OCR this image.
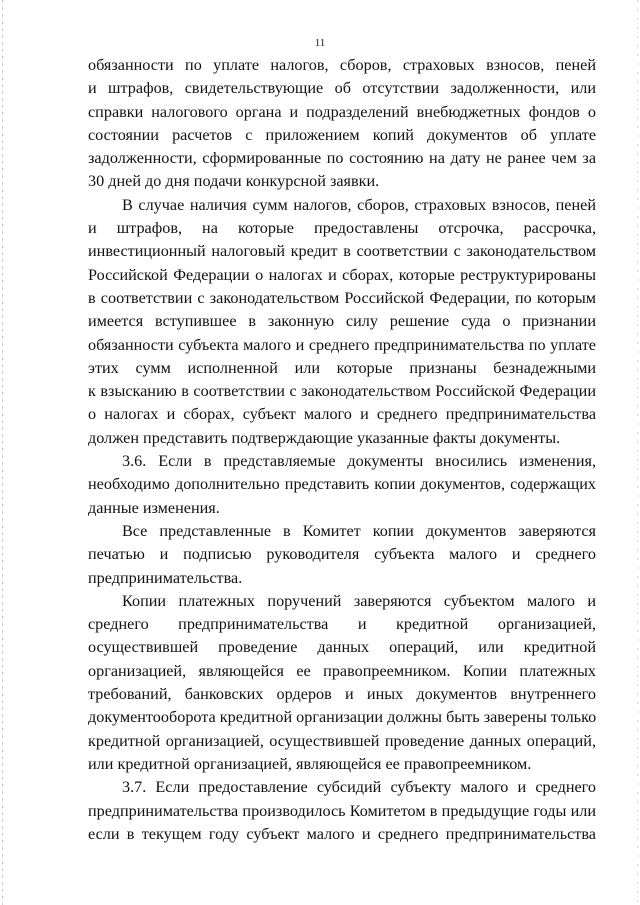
11
обязанности по уплате налогов, сборов, страховых взносов, пеней
и штрафов, свидетельствующие об отсутствии задолженности, или
справки налогового органа и подразделений внебюджетных фондов о
состоянии расчетов с приложением копий документов об уплате
задолженности, сформированные по состоянию на дату не ранее чем за
30 дней до дня подачи конкурсной заявки.
В случае наличия сумм налогов, сборов, страховых взносов, пеней
и штрафов, на которые предоставлены отсрочка, рассрочка,
инвестиционный налоговый кредит в соответствии с законодательством
Российской Федерации о налогах и сборах, которые реструктурированы
в соответствии с законодательством Российской Федерации, по которым
имеется вступившее в законную силу решение суда о признании
обязанности субъекта малого и среднего предпринимательства по уплате
этих сумм исполненной или которые признаны безнадежными
к взысканию в соответствии с законодательством Российской Федерации
о налогах и сборах, субъект малого и среднего предпринимательства
должен представить подтверждающие указанные факты документы.
3.6. Если в представляемые документы вносились изменения,
необходимо дополнительно представить копии документов, содержащих
данные изменения.
Все представленные в Комитет копии документов заверяются
печатью и подписью руководителя субъекта малого и среднего
предпринимательства.
Копии платежных поручений заверяются субъектом малого и
среднего предпринимательства и кредитной организацией,
осуществившей проведение данных операций, или кредитной
организацией, являющейся ее правопреемником. Копии платежных
требований, банковских ордеров и иных документов внутреннего
документооборота кредитной организации должны быть заверены только
кредитной организацией, осуществившей проведение данных операций,
или кредитной организацией, являющейся ее правопреемником.
3.7. Если предоставление субсидий субъекту малого и среднего
предпринимательства производилось Комитетом в предыдущие годы или
если в текущем году субъект малого и среднего предпринимательства
